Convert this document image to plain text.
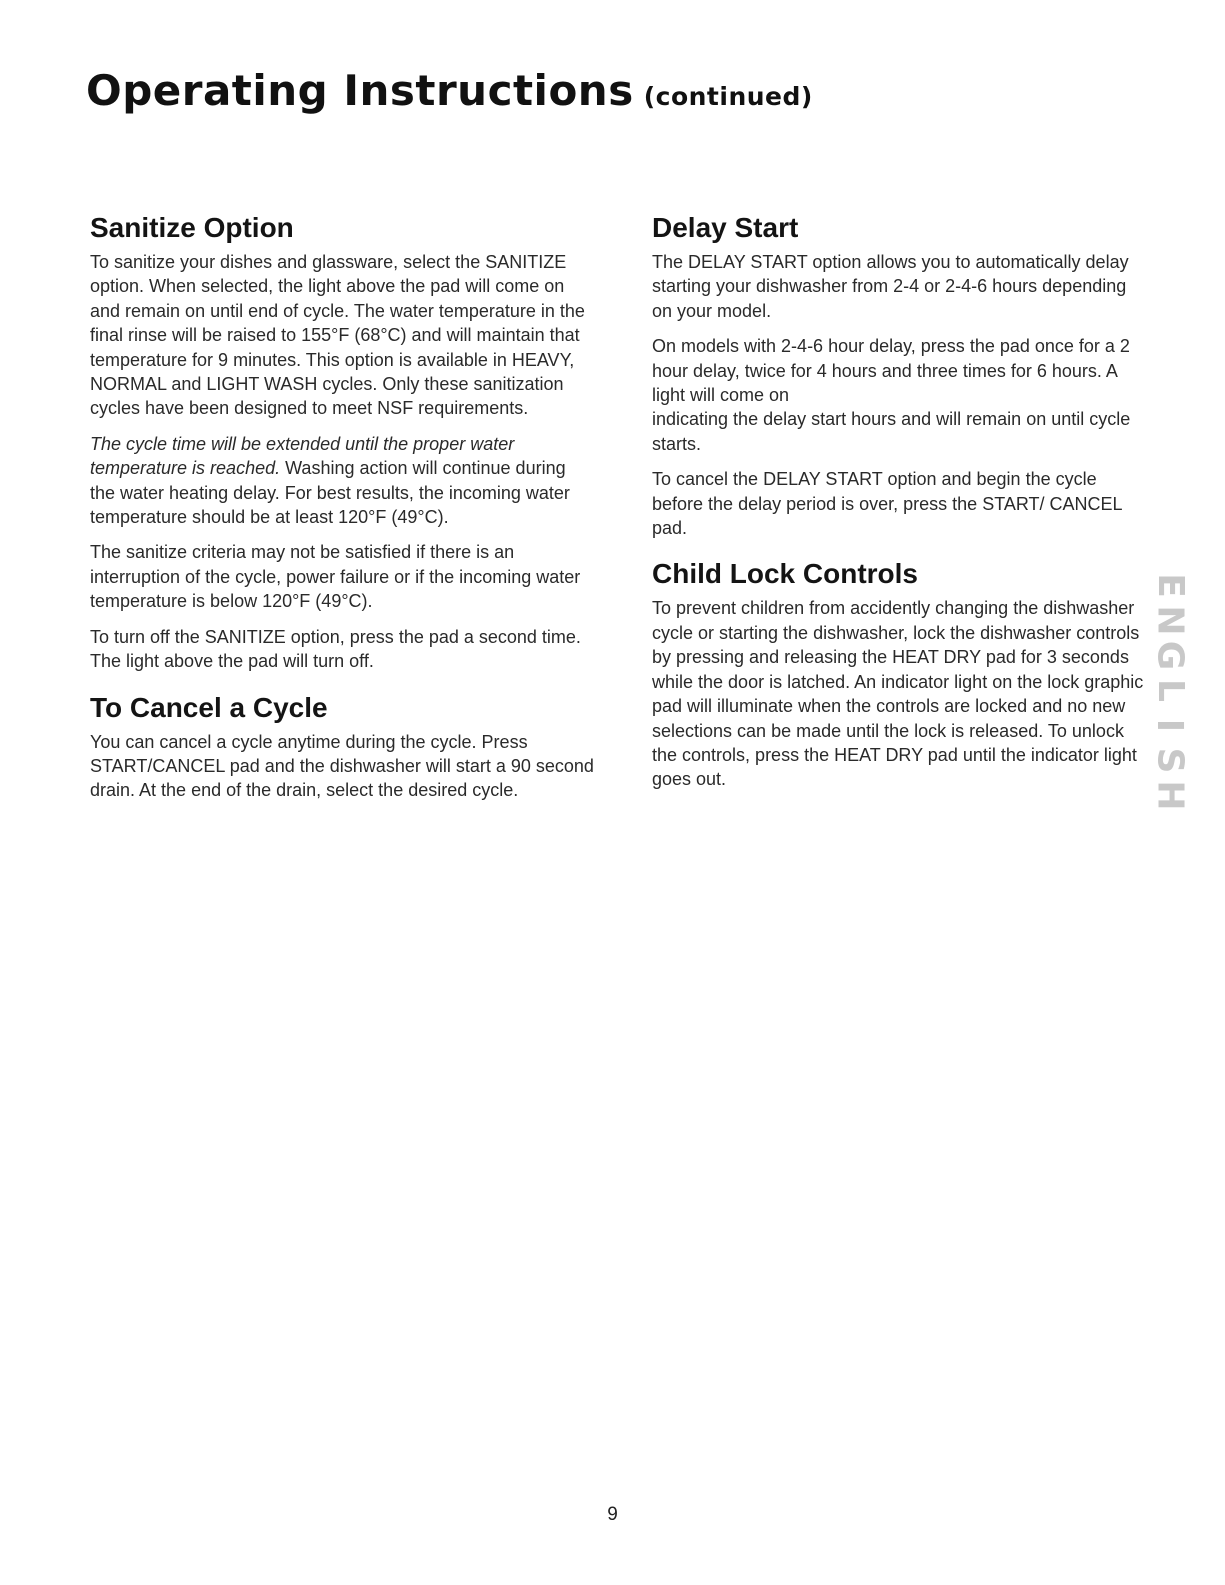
Operating Instructions (continued)
Sanitize Option

To sanitize your dishes and glassware, select the SANITIZE option. When selected, the light above the pad will come on and remain on until end of cycle. The water temperature in the final rinse will be raised to 155°F (68°C) and will maintain that temperature for 9 minutes. This option is available in HEAVY, NORMAL and LIGHT WASH cycles. Only these sanitization cycles have been designed to meet NSF requirements.

The cycle time will be extended until the proper water temperature is reached. Washing action will continue during the water heating delay. For best results, the incoming water temperature should be at least 120°F (49°C).

The sanitize criteria may not be satisfied if there is an interruption of the cycle, power failure or if the incoming water temperature is below 120°F (49°C).

To turn off the SANITIZE option, press the pad a second time. The light above the pad will turn off.

To Cancel a Cycle

You can cancel a cycle anytime during the cycle. Press START/CANCEL pad and the dishwasher will start a 90 second drain. At the end of the drain, select the desired cycle.

Delay Start

The DELAY START option allows you to automatically delay starting your dishwasher from 2-4 or 2-4-6 hours depending on your model.

On models with 2-4-6 hour delay, press the pad once for a 2 hour delay, twice for 4 hours and three times for 6 hours. A light will come on
indicating the delay start hours and will remain on until cycle starts.

To cancel the DELAY START option and begin the cycle before the delay period is over, press the START/ CANCEL pad.

Child Lock Controls

To prevent children from accidently changing the dishwasher cycle or starting the dishwasher, lock the dishwasher controls by pressing and releasing the HEAT DRY pad for 3 seconds while the door is latched. An indicator light on the lock graphic pad will illuminate when the controls are locked and no new selections can be made until the lock is released. To unlock the controls, press the HEAT DRY pad until the indicator light goes out.

E
N
G
L
I
S
H
9
